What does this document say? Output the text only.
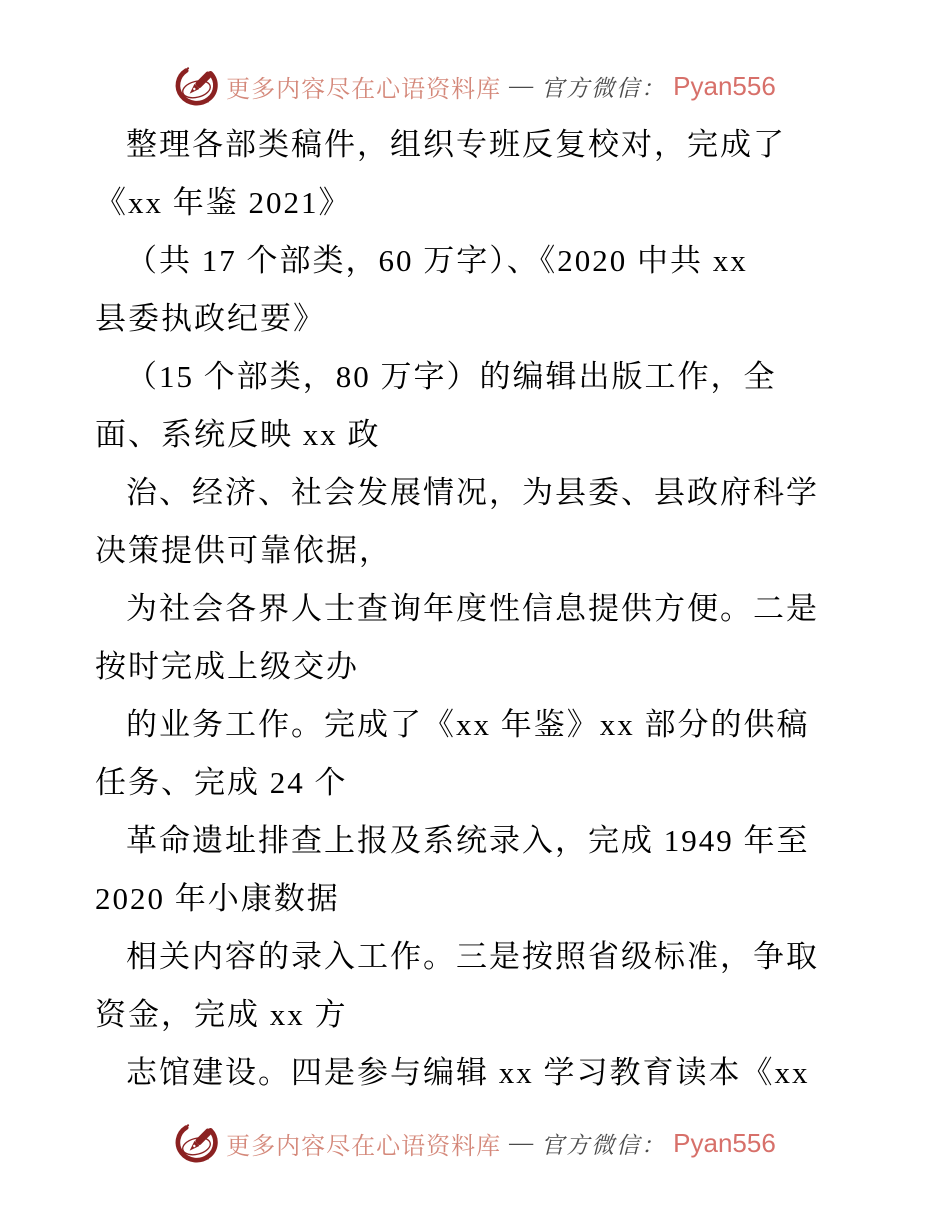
更多内容尽在心语资料库 — 官方微信： Pyan556
整理各部类稿件，组织专班反复校对，完成了
《xx 年鉴 2021》
（共 17 个部类，60 万字）、《2020 中共 xx
县委执政纪要》
（15 个部类，80 万字）的编辑出版工作，全
面、系统反映 xx 政
治、经济、社会发展情况，为县委、县政府科学
决策提供可靠依据，
为社会各界人士查询年度性信息提供方便。二是
按时完成上级交办
的业务工作。完成了《xx 年鉴》xx 部分的供稿
任务、完成 24 个
革命遗址排查上报及系统录入，完成 1949 年至
2020 年小康数据
相关内容的录入工作。三是按照省级标准，争取
资金，完成 xx 方
志馆建设。四是参与编辑 xx 学习教育读本《xx
更多内容尽在心语资料库 — 官方微信： Pyan556
